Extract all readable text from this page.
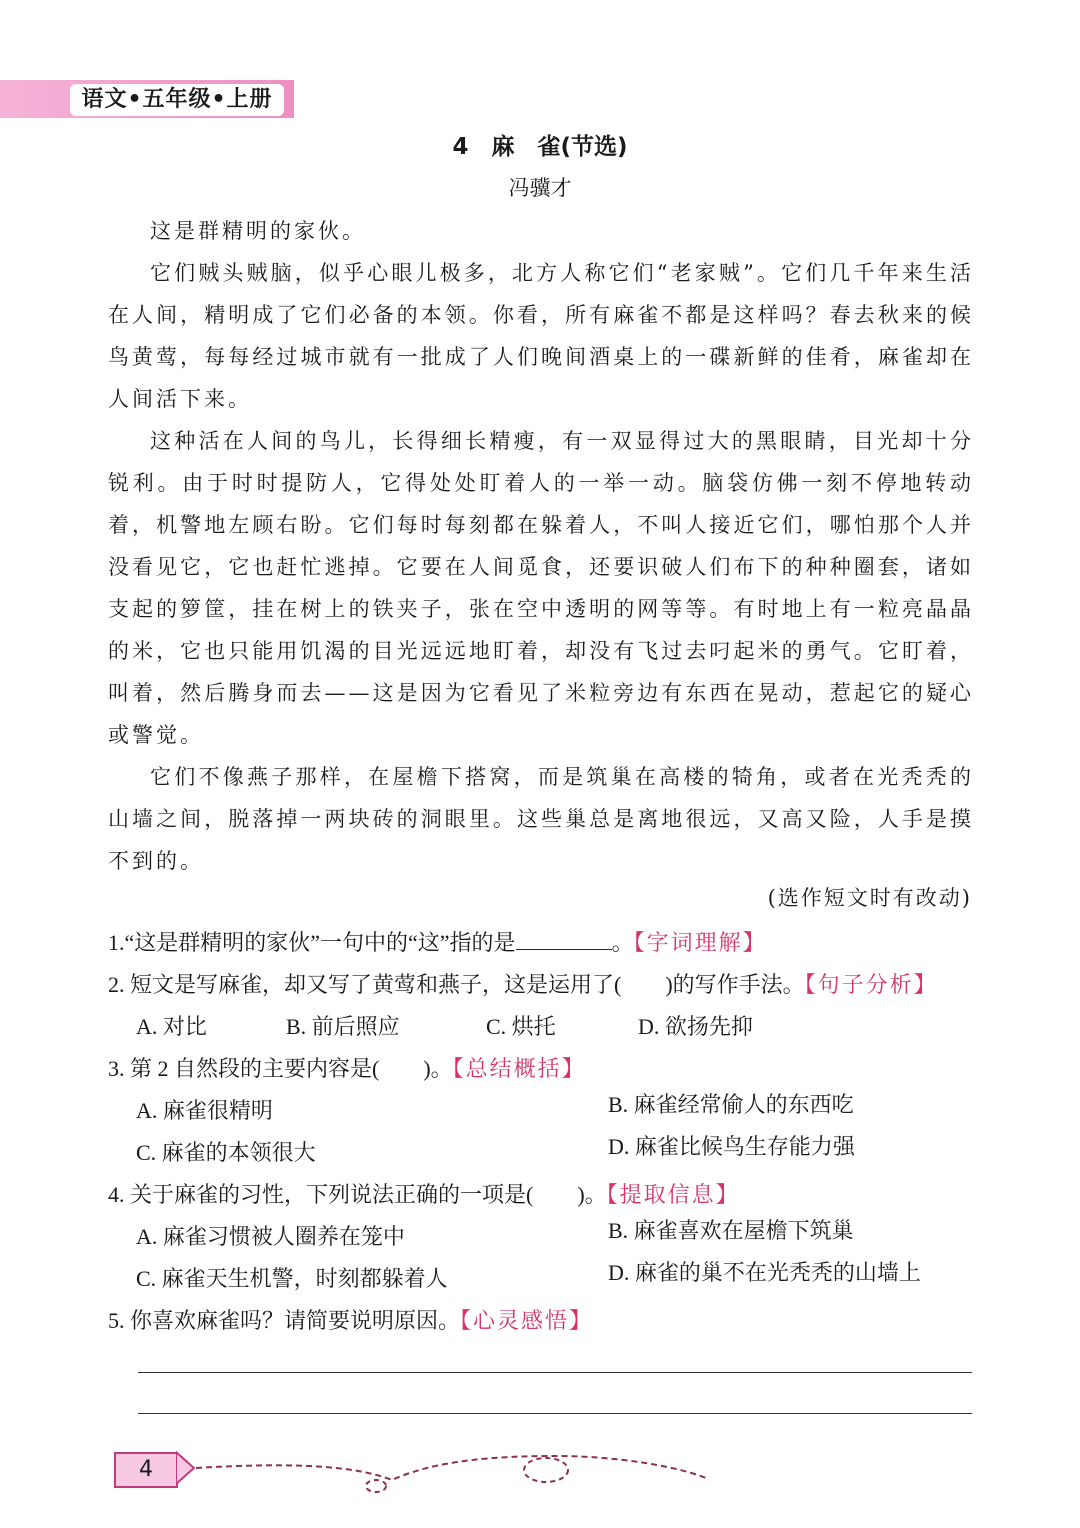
语文•五年级•上册
4　麻　雀(节选)
冯骥才

这是群精明的家伙。

它们贼头贼脑，似乎心眼儿极多，北方人称它们“老家贼”。它们几千年来生活在人间，精明成了它们必备的本领。你看，所有麻雀不都是这样吗？春去秋来的候鸟黄莺，每每经过城市就有一批成了人们晚间酒桌上的一碟新鲜的佳肴，麻雀却在人间活下来。

这种活在人间的鸟儿，长得细长精瘦，有一双显得过大的黑眼睛，目光却十分锐利。由于时时提防人，它得处处盯着人的一举一动。脑袋仿佛一刻不停地转动着，机警地左顾右盼。它们每时每刻都在躲着人，不叫人接近它们，哪怕那个人并没看见它，它也赶忙逃掉。它要在人间觅食，还要识破人们布下的种种圈套，诸如支起的箩筐，挂在树上的铁夹子，张在空中透明的网等等。有时地上有一粒亮晶晶的米，它也只能用饥渴的目光远远地盯着，却没有飞过去叼起米的勇气。它盯着，叫着，然后腾身而去——这是因为它看见了米粒旁边有东西在晃动，惹起它的疑心或警觉。

它们不像燕子那样，在屋檐下搭窝，而是筑巢在高楼的犄角，或者在光秃秃的山墙之间，脱落掉一两块砖的洞眼里。这些巢总是离地很远，又高又险，人手是摸不到的。

(选作短文时有改动)
1.“这是群精明的家伙”一句中的“这”指的是	。【字词理解】
2. 短文是写麻雀，却又写了黄莺和燕子，这是运用了(　　)的写作手法。【句子分析】
A. 对比	B. 前后照应	C. 烘托	D. 欲扬先抑
3. 第 2 自然段的主要内容是(　　)。【总结概括】
A. 麻雀很精明	B. 麻雀经常偷人的东西吃
C. 麻雀的本领很大	D. 麻雀比候鸟生存能力强
4. 关于麻雀的习性，下列说法正确的一项是(　　)。【提取信息】
A. 麻雀习惯被人圈养在笼中	B. 麻雀喜欢在屋檐下筑巢
C. 麻雀天生机警，时刻都躲着人	D. 麻雀的巢不在光秃秃的山墙上
5. 你喜欢麻雀吗？请简要说明原因。【心灵感悟】
4
